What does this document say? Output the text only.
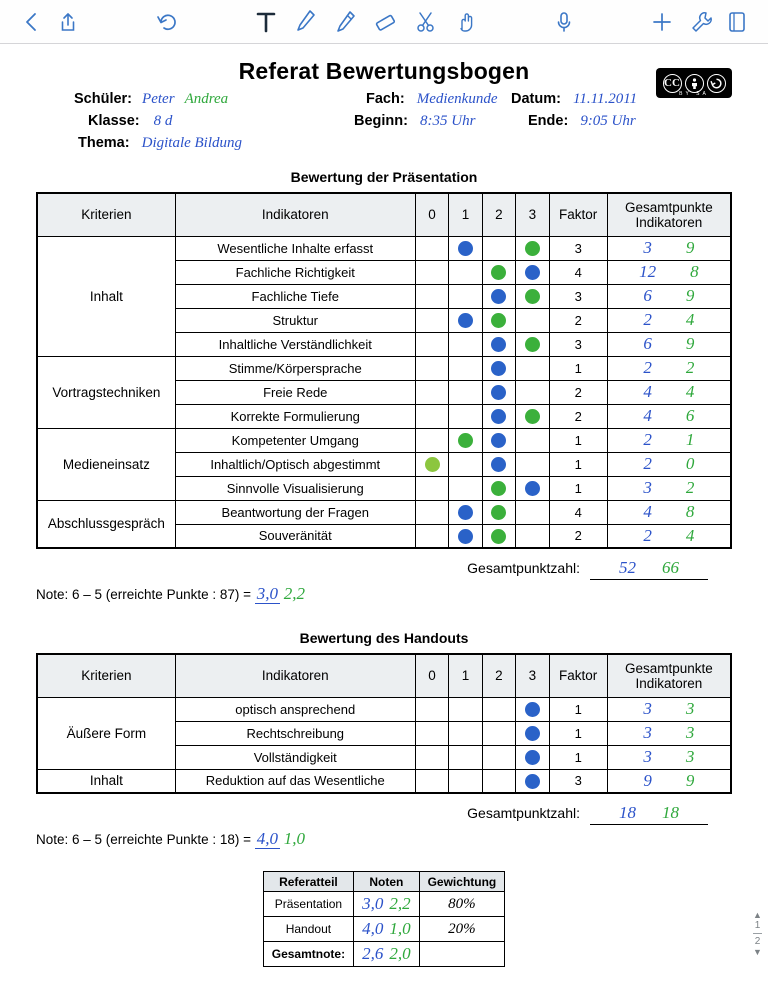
Referat Bewertungsbogen	CC
BY SA
Schüler: Peter Andrea
Klasse: 8 d
Thema: Digitale Bildung
Fach: Medienkunde
Beginn: 8:35 Uhr
Datum: 11.11.2011
Ende: 9:05 Uhr
Bewertung der Präsentation
Kriterien	Indikatoren	0	1	2	3	Faktor	Gesamtpunkte
Indikatoren

Inhalt	Wesentliche Inhalte erfasst					3	3 9
	Fachliche Richtigkeit					4	12 8
	Fachliche Tiefe					3	6 9
	Struktur					2	2 4
	Inhaltliche Verständlichkeit					3	6 9
Vortragstechniken	Stimme/Körpersprache					1	2 2
	Freie Rede					2	4 4
	Korrekte Formulierung					2	4 6
Medieneinsatz	Kompetenter Umgang					1	2 1
	Inhaltlich/Optisch abgestimmt					1	2 0
	Sinnvolle Visualisierung					1	3 2
Abschlussgespräch	Beantwortung der Fragen					4	4 8
	Souveränität					2	2 4
Gesamtpunktzahl:	52 66
Note: 6 – 5 (erreichte Punkte : 87) = 3,0 2,2
Bewertung des Handouts
Kriterien	Indikatoren	0	1	2	3	Faktor	Gesamtpunkte
Indikatoren

Äußere Form	optisch ansprechend					1	3 3
	Rechtschreibung					1	3 3
	Vollständigkeit					1	3 3
Inhalt	Reduktion auf das Wesentliche					3	9 9
Gesamtpunktzahl:	18 18
Note: 6 – 5 (erreichte Punkte : 18) = 4,0 1,0
Referatteil	Noten	Gewichtung
Präsentation	3,0 2,2	80%
Handout	4,0 1,0	20%
Gesamtnote:	2,6 2,0	
▲
1
2
▼
